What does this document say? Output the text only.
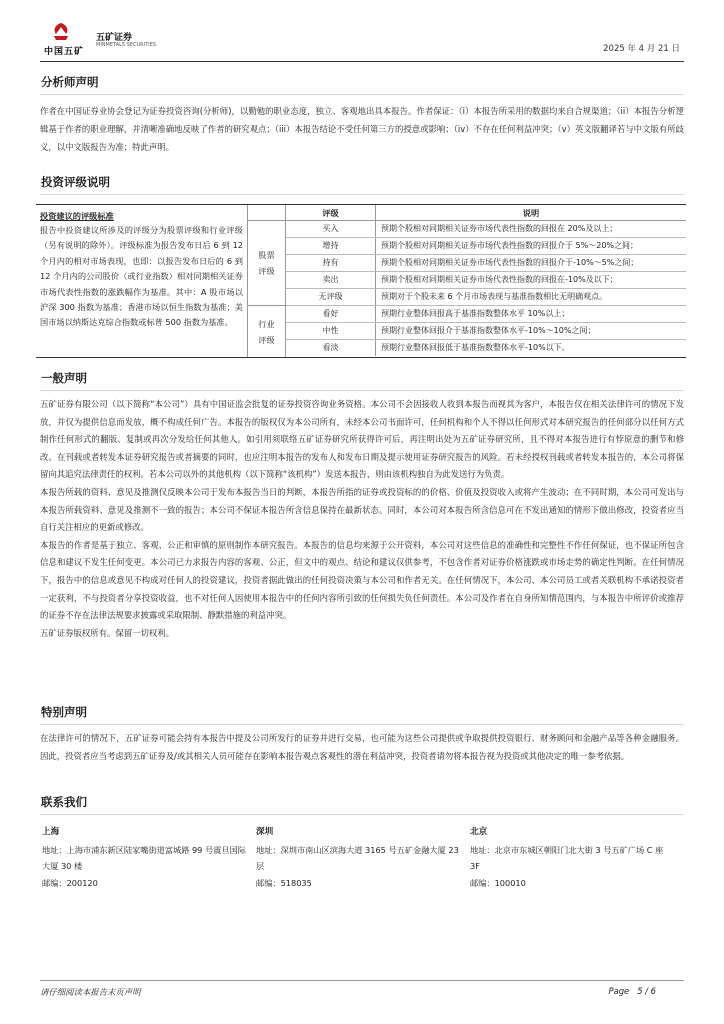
中国五矿
五矿证券
MINMETALS SECURITIES	2025 年 4 月 21 日
分析师声明
作者在中国证券业协会登记为证券投资咨询(分析师)，以勤勉的职业态度，独立、客观地出具本报告。作者保证：（i）本报告所采用的数据均来自合规渠道；（ii）本报告分析逻辑基于作者的职业理解，并清晰准确地反映了作者的研究观点；（iii）本报告结论不受任何第三方的授意或影响；（iv）不存在任何利益冲突；（v）英文版翻译若与中文版有所歧义，以中文版报告为准；特此声明。
投资评级说明
投资建议的评级标准
报告中投资建议所涉及的评级分为股票评级和行业评级（另有说明的除外）。评级标准为报告发布日后 6 到 12 个月内的相对市场表现，也即：以报告发布日后的 6 到 12 个月内的公司股价（或行业指数）相对同期相关证券市场代表性指数的涨跌幅作为基准。其中：A 股市场以沪深 300 指数为基准；香港市场以恒生指数为基准；美国市场以纳斯达克综合指数或标普 500 指数为基准。
评级	说明
股票评级
买入	预期个股相对同期相关证券市场代表性指数的回报在 20%及以上；
增持	预期个股相对同期相关证券市场代表性指数的回报介于 5%～20%之间；
持有	预期个股相对同期相关证券市场代表性指数的回报介于-10%～5%之间；
卖出	预期个股相对同期相关证券市场代表性指数的回报在-10%及以下；
无评级	预期对于个股未来 6 个月市场表现与基准指数相比无明确观点。
行业评级
看好	预期行业整体回报高于基准指数整体水平 10%以上；
中性	预期行业整体回报介于基准指数整体水平-10%～10%之间；
看淡	预期行业整体回报低于基准指数整体水平-10%以下。
一般声明
五矿证券有限公司（以下简称“本公司”）具有中国证监会批复的证券投资咨询业务资格。本公司不会因接收人收到本报告而视其为客户，本报告仅在相关法律许可的情况下发放，并仅为提供信息而发放，概不构成任何广告。本报告的版权仅为本公司所有，未经本公司书面许可，任何机构和个人不得以任何形式对本研究报告的任何部分以任何方式制作任何形式的翻版、复制或再次分发给任何其他人。如引用须联络五矿证券研究所获得许可后，再注明出处为五矿证券研究所，且不得对本报告进行有悖原意的删节和修改。在刊载或者转发本证券研究报告或者摘要的同时，也应注明本报告的发布人和发布日期及提示使用证券研究报告的风险。若未经授权刊载或者转发本报告的，本公司将保留向其追究法律责任的权利。若本公司以外的其他机构（以下简称“该机构”）发送本报告，则由该机构独自为此发送行为负责。
本报告所载的资料、意见及推测仅反映本公司于发布本报告当日的判断，本报告所指的证券或投资标的的价格、价值及投资收入或将产生波动；在不同时期，本公司可发出与本报告所载资料、意见及推测不一致的报告；本公司不保证本报告所含信息保持在最新状态。同时，本公司对本报告所含信息可在不发出通知的情形下做出修改，投资者应当自行关注相应的更新或修改。
本报告的作者是基于独立、客观、公正和审慎的原则制作本研究报告。本报告的信息均来源于公开资料，本公司对这些信息的准确性和完整性不作任何保证，也不保证所包含信息和建议不发生任何变更。本公司已力求报告内容的客观、公正，但文中的观点、结论和建议仅供参考，不包含作者对证券价格涨跌或市场走势的确定性判断。在任何情况下，报告中的信息或意见不构成对任何人的投资建议，投资者据此做出的任何投资决策与本公司和作者无关。在任何情况下，本公司、本公司员工或者关联机构不承诺投资者一定获利，不与投资者分享投资收益，也不对任何人因使用本报告中的任何内容所引致的任何损失负任何责任。本公司及作者在自身所知情范围内，与本报告中所评价或推荐的证券不存在法律法规要求披露或采取限制、静默措施的利益冲突。
五矿证券版权所有。保留一切权利。
特别声明
在法律许可的情况下，五矿证券可能会持有本报告中提及公司所发行的证券并进行交易，也可能为这些公司提供或争取提供投资银行、财务顾问和金融产品等各种金融服务。因此，投资者应当考虑到五矿证券及/或其相关人员可能存在影响本报告观点客观性的潜在利益冲突，投资者请勿将本报告视为投资或其他决定的唯一参考依据。
联系我们
上海
地址：上海市浦东新区陆家嘴街道富城路 99 号震旦国际大厦 30 楼
邮编：200120
深圳
地址：深圳市南山区滨海大道 3165 号五矿金融大厦 23 层
邮编：518035
北京
地址：北京市东城区朝阳门北大街 3 号五矿广场 C 座 3F
邮编：100010
请仔细阅读本报告末页声明	Page 5 / 6
